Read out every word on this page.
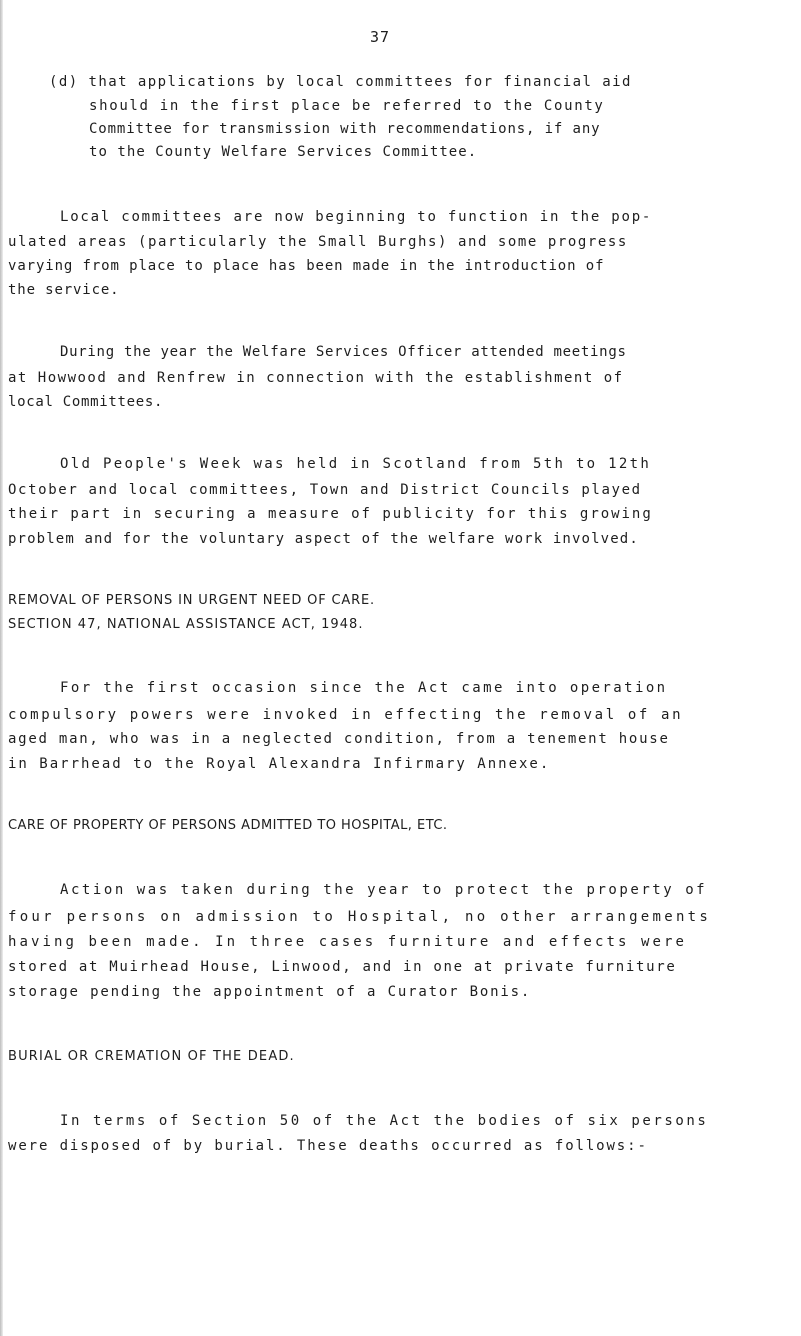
37
(d) that applications by local committees for financial aid
should in the first place be referred to the County
Committee for transmission with recommendations, if any
to the County Welfare Services Committee.
Local committees are now beginning to function in the pop-
ulated areas (particularly the Small Burghs) and some progress
varying from place to place has been made in the introduction of
the service.
During the year the Welfare Services Officer attended meetings
at Howwood and Renfrew in connection with the establishment of
local Committees.
Old People's Week was held in Scotland from 5th to 12th
October and local committees, Town and District Councils played
their part in securing a measure of publicity for this growing
problem and for the voluntary aspect of the welfare work involved.
REMOVAL OF PERSONS IN URGENT NEED OF CARE.
SECTION 47, NATIONAL ASSISTANCE ACT, 1948.
For the first occasion since the Act came into operation
compulsory powers were invoked in effecting the removal of an
aged man, who was in a neglected condition, from a tenement house
in Barrhead to the Royal Alexandra Infirmary Annexe.
CARE OF PROPERTY OF PERSONS ADMITTED TO HOSPITAL, ETC.
Action was taken during the year to protect the property of
four persons on admission to Hospital, no other arrangements
having been made. In three cases furniture and effects were
stored at Muirhead House, Linwood, and in one at private furniture
storage pending the appointment of a Curator Bonis.
BURIAL OR CREMATION OF THE DEAD.
In terms of Section 50 of the Act the bodies of six persons
were disposed of by burial. These deaths occurred as follows:-
